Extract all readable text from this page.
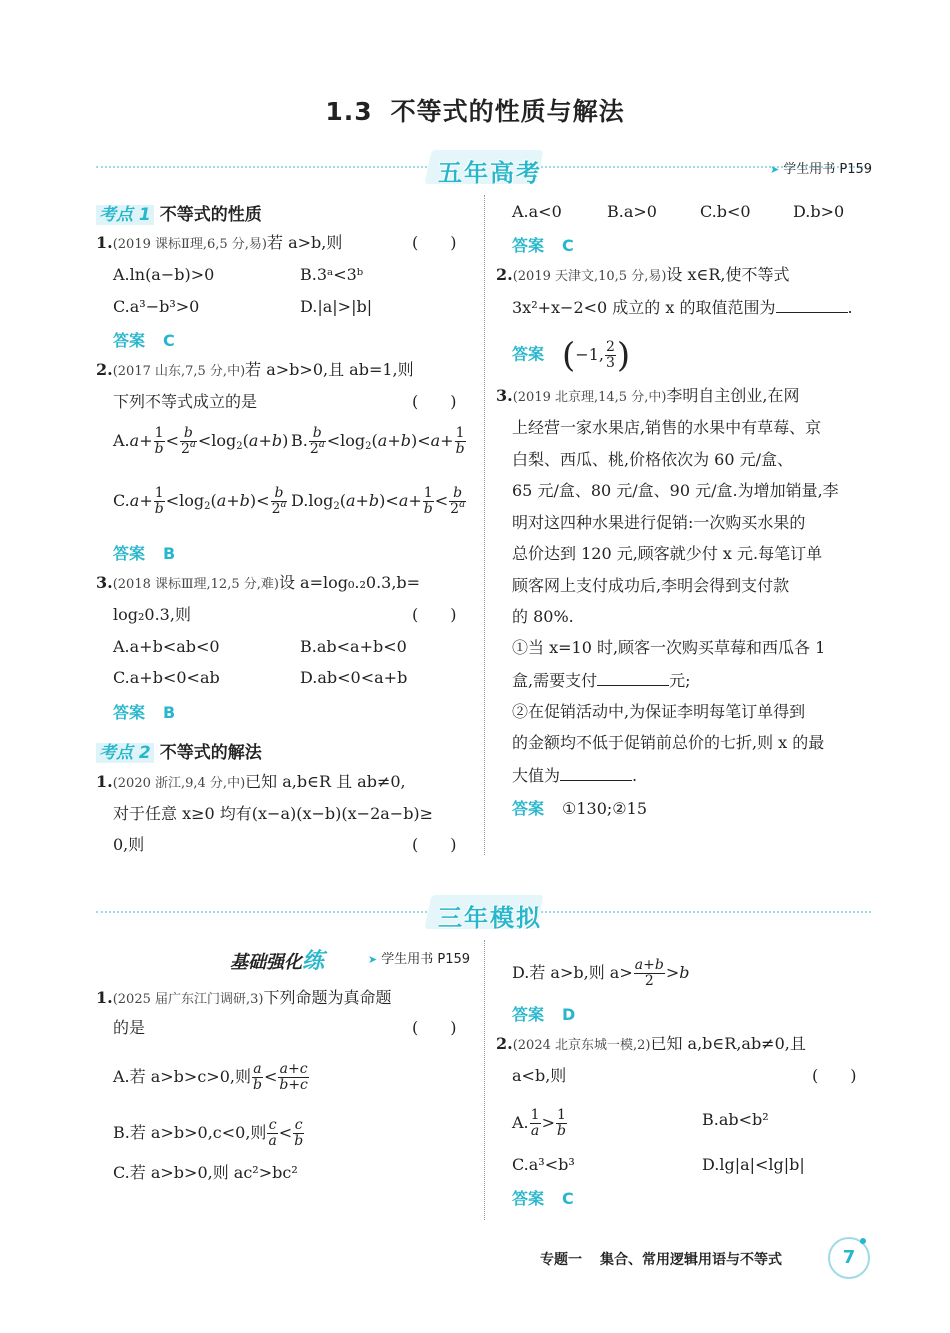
1.3 不等式的性质与解法
五年高考	➤ 学生用书 P159
考点 1 不等式的性质
1.(2019 课标Ⅱ理,6,5 分,易)若 a>b,则	(　　)
A.ln(a−b)>0	B.3ᵃ<3ᵇ
C.a³−b³>0	D.|a|>|b|
答案 C
2.(2017 山东,7,5 分,中)若 a>b>0,且 ab=1,则
下列不等式成立的是	(　　)
$A.a+ \frac{1}{b} < \frac{b}{2^a} <\log_2(a+b)$ B. $\frac{b}{2^a} <\log_2(a+b)<a+ \frac{1}{b}$
$C.a+ \frac{1}{b} <\log_2(a+b)< \frac{b}{2^a} D.\log_2(a+b)<a+ \frac{1}{b} < \frac{b}{2^a}$
答案 B
3.(2018 课标Ⅲ理,12,5 分,难)设 a=log₀.₂0.3,b=
log₂0.3,则	(　　)
A.a+b<ab<0	B.ab<a+b<0
C.a+b<0<ab	D.ab<0<a+b
答案 B
考点 2 不等式的解法
1.(2020 浙江,9,4 分,中)已知 a,b∈R 且 ab≠0,
对于任意 x≥0 均有(x−a)(x−b)(x−2a−b)≥
0,则	(　　)
A.a<0	B.a>0	C.b<0	D.b>0
答案 C
2.(2019 天津文,10,5 分,易)设 x∈R,使不等式
3x²+x−2<0 成立的 x 的取值范围为	.
答案 (−1, $\frac{2}{3}$ )
3.(2019 北京理,14,5 分,中)李明自主创业,在网
上经营一家水果店,销售的水果中有草莓、京
白梨、西瓜、桃,价格依次为 60 元/盒、
65 元/盒、80 元/盒、90 元/盒.为增加销量,李
明对这四种水果进行促销:一次购买水果的
总价达到 120 元,顾客就少付 x 元.每笔订单
顾客网上支付成功后,李明会得到支付款
的 80%.
①当 x=10 时,顾客一次购买草莓和西瓜各 1
盒,需要支付	元;
②在促销活动中,为保证李明每笔订单得到
的金额均不低于促销前总价的七折,则 x 的最
大值为	.
答案 ①130;②15
三年模拟
基础强化练	➤ 学生用书 P159
1.(2025 届广东江门调研,3)下列命题为真命题
的是	(　　)
A.若 a>b>c>0,则 $\frac{a}{b} < \frac{a+c}{b+c}$
B.若 a>b>0,c<0,则 $\frac{c}{a} < \frac{c}{b}$
C.若 a>b>0,则 ac²>bc²
D.若 a>b,则 $a> \frac{a+b}{2} >b$
答案 D
2.(2024 北京东城一模,2)已知 a,b∈R,ab≠0,且
a<b,则	(　　)
A. $\frac{1}{a} > \frac{1}{b}$	B.ab<b²
C.a³<b³	D.lg|a|<lg|b|
答案 C
专题一 集合、常用逻辑用语与不等式	7
